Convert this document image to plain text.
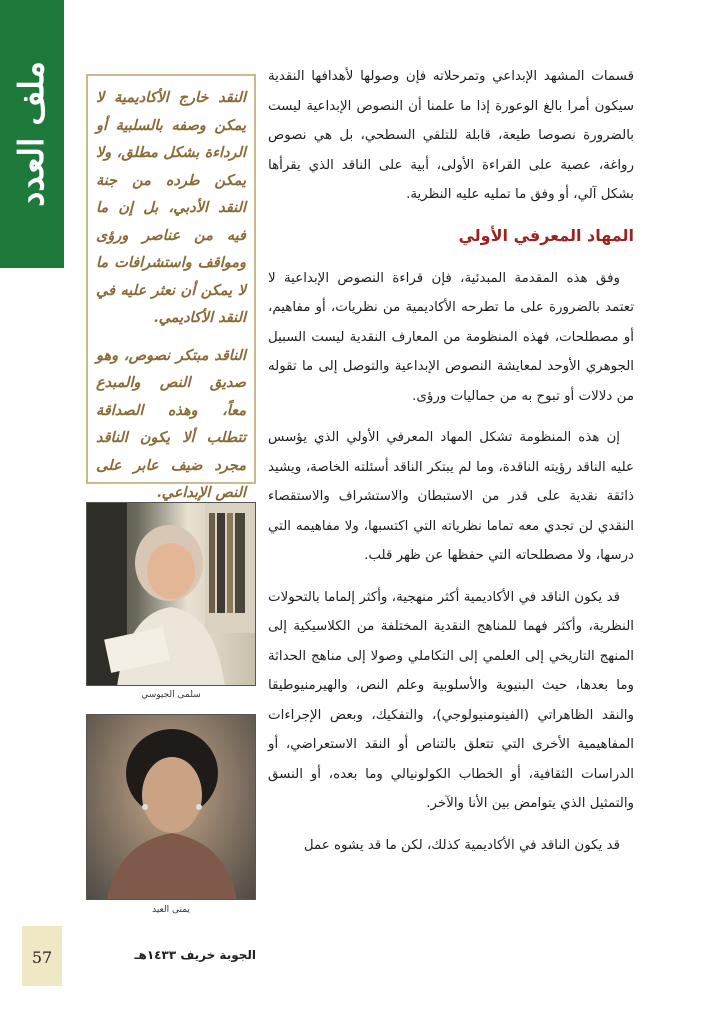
ملف العدد	النقد خارج الأكاديمية لا يمكن وصفه بالسلبية أو الرداءة بشكل مطلق، ولا يمكن طرده من جنة النقد الأدبي، بل إن ما فيه من عناصر ورؤى ومواقف واستشرافات ما لا يمكن أن نعثر عليه في النقد الأكاديمي.

الناقد مبتكر نصوص، وهو صديق النص والمبدع معاً، وهذه الصداقة تتطلب ألا يكون الناقد مجرد ضيف عابر على النص الإبداعي.

سلمى الجيوسي
يمنى العيد

قسمات المشهد الإبداعي وتمرحلاته فإن وصولها لأهدافها النقدية سيكون أمرا بالغ الوعورة إذا ما علمنا أن النصوص الإبداعية ليست بالضرورة نصوصا طيعة، قابلة للتلقي السطحي، بل هي نصوص رواغة، عصية على القراءة الأولى، أبية على الناقد الذي يقرأها بشكل آلي، أو وفق ما تمليه عليه النظرية.

المهاد المعرفي الأولي

وفق هذه المقدمة المبدئية، فإن قراءة النصوص الإبداعية لا تعتمد بالضرورة على ما تطرحه الأكاديمية من نظريات، أو مفاهيم، أو مصطلحات، فهذه المنظومة من المعارف النقدية ليست السبيل الجوهري الأوحد لمعايشة النصوص الإبداعية والتوصل إلى ما تقوله من دلالات أو تبوح به من جماليات ورؤى.

إن هذه المنظومة تشكل المهاد المعرفي الأولي الذي يؤسس عليه الناقد رؤيته الناقدة، وما لم يبتكر الناقد أسئلته الخاصة، ويشيد ذائقة نقدية على قدر من الاستبطان والاستشراف والاستقصاء النقدي لن تجدي معه تماما نظرياته التي اكتسبها، ولا مفاهيمه التي درسها، ولا مصطلحاته التي حفظها عن ظهر قلب.

قد يكون الناقد في الأكاديمية أكثر منهجية، وأكثر إلماما بالتحولات النظرية، وأكثر فهما للمناهج النقدية المختلفة من الكلاسيكية إلى المنهج التاريخي إلى العلمي إلى التكاملي وصولا إلى مناهج الحداثة وما بعدها، حيث البنيوية والأسلوبية وعلم النص، والهيرمنيوطيقا والنقد الظاهراتي (الفينومنيولوجي)، والتفكيك، وبعض الإجراءات المفاهيمية الأخرى التي تتعلق بالتناص أو النقد الاستعراضي، أو الدراسات الثقافية، أو الخطاب الكولونيالي وما بعده، أو النسق والتمثيل الذي يتوامض بين الأنا والآخر.

قد يكون الناقد في الأكاديمية كذلك، لكن ما قد يشوه عمل

57	الجوبة خريف ١٤٣٣هـ
